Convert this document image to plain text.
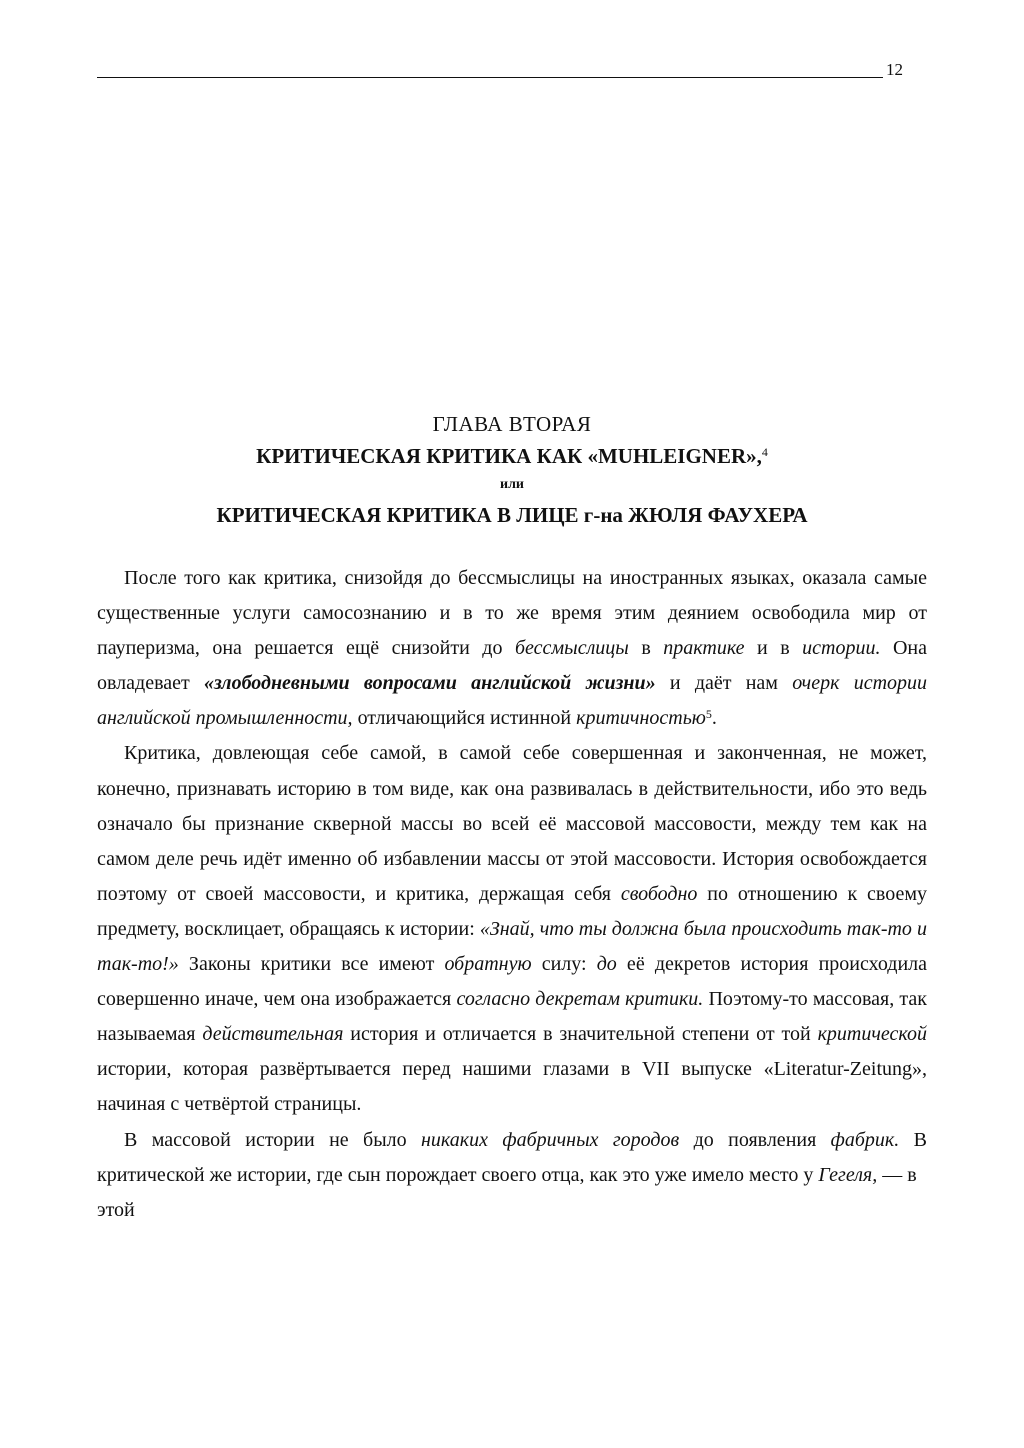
12
ГЛАВА ВТОРАЯ
КРИТИЧЕСКАЯ КРИТИКА КАК «MUHLEIGNER»,$^4$
или
КРИТИЧЕСКАЯ КРИТИКА В ЛИЦЕ г-на ЖЮЛЯ ФАУХЕРА

После того как критика, снизойдя до бессмыслицы на иностранных языках, оказала самые существенные услуги самосознанию и в то же время этим деянием освободила мир от пауперизма, она решается ещё снизойти до бессмыслицы в практике и в истории. Она овладевает «злободневными вопросами английской жизни» и даёт нам очерк истории английской промышленности, отличающийся истинной критичностью$^5$.

Критика, довлеющая себе самой, в самой себе совершенная и законченная, не может, конечно, признавать историю в том виде, как она развивалась в действительности, ибо это ведь означало бы признание скверной массы во всей её массовой массовости, между тем как на самом деле речь идёт именно об избавлении массы от этой массовости. История освобождается поэтому от своей массовости, и критика, держащая себя свободно по отношению к своему предмету, восклицает, обращаясь к истории: «Знай, что ты должна была происходить так-то и так-то!» Законы критики все имеют обратную силу: до её декретов история происходила совершенно иначе, чем она изображается согласно декретам критики. Поэтому-то массовая, так называемая действительная история и отличается в значительной степени от той критической истории, которая развёртывается перед нашими глазами в VII выпуске «Literatur-Zeitung», начиная с четвёртой страницы.

В массовой истории не было никаких фабричных городов до появления фабрик. В критической же истории, где сын порождает своего отца, как это уже имело место у Гегеля, — в

этой
